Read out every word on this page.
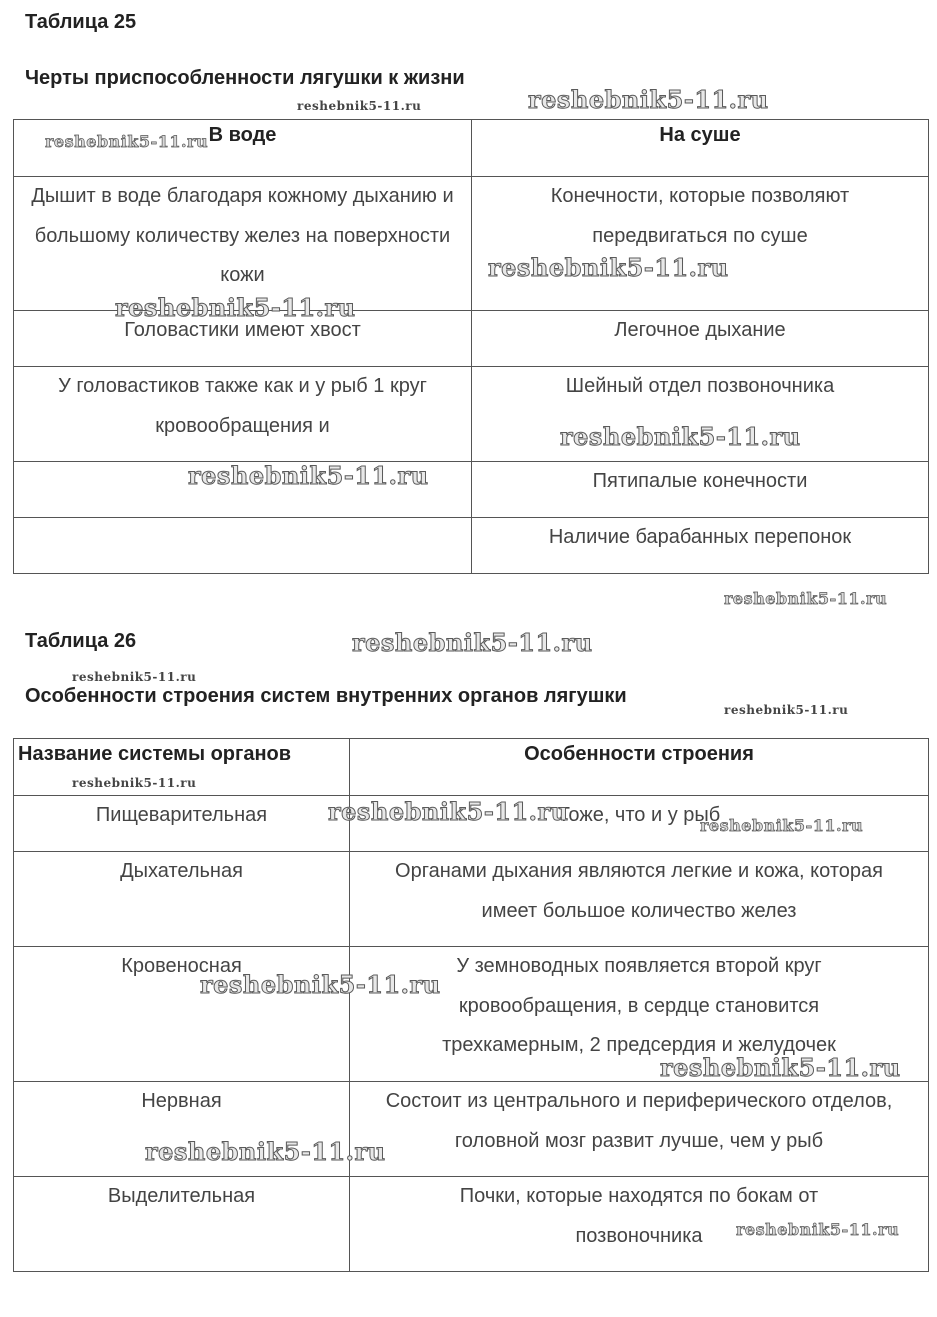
Таблица 25
Черты приспособленности лягушки к жизни
В воде	На суше
Дышит в воде благодаря кожному дыханию и большому количеству желез на поверхности кожи	Конечности, которые позволяют передвигаться по суше
Головастики имеют хвост	Легочное дыхание
У головастиков также как и у рыб 1 круг кровообращения и	Шейный отдел позвоночника
	Пятипалые конечности
	Наличие барабанных перепонок
Таблица 26
Особенности строения систем внутренних органов лягушки
Название системы органов	Особенности строения
Пищеварительная	Тоже, что и у рыб
Дыхательная	Органами дыхания являются легкие и кожа, которая имеет большое количество желез
Кровеносная	У земноводных появляется второй круг кровообращения, в сердце становится трехкамерным, 2 предсердия и желудочек
Нервная	Состоит из центрального и периферического отделов, головной мозг развит лучше, чем у рыб
Выделительная	Почки, которые находятся по бокам от позвоночника
reshebnik5-11.ru	reshebnik5-11.ru
reshebnik5-11.ru
reshebnik5-11.ru
reshebnik5-11.ru
reshebnik5-11.ru
reshebnik5-11.ru
reshebnik5-11.ru
reshebnik5-11.ru
reshebnik5-11.ru
reshebnik5-11.ru
reshebnik5-11.ru
reshebnik5-11.ru	reshebnik5-11.ru
reshebnik5-11.ru
reshebnik5-11.ru
reshebnik5-11.ru
reshebnik5-11.ru
